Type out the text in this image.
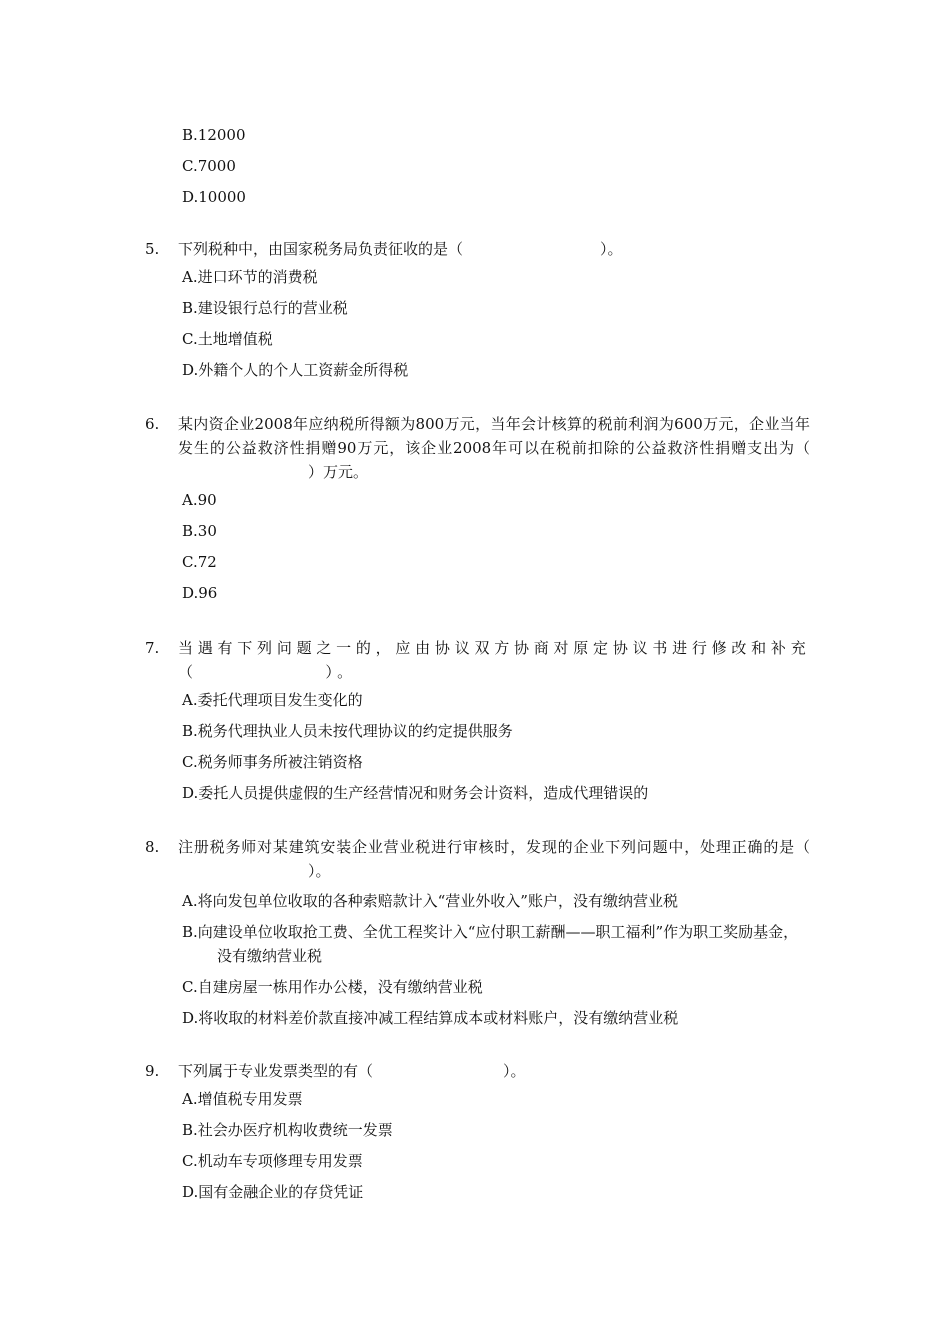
B.12000
C.7000
D.10000
5. 下列税种中，由国家税务局负责征收的是（	）。
A.进口环节的消费税
B.建设银行总行的营业税
C.土地增值税
D.外籍个人的个人工资薪金所得税
6. 某内资企业2008年应纳税所得额为800万元，当年会计核算的税前利润为600万元，企业当年发生的公益救济性捐赠90万元，该企业2008年可以在税前扣除的公益救济性捐赠支出为（）万元。
A.90
B.30
C.72
D.96
7. 当遇有下列问题之一的，应由协议双方协商对原定协议书进行修改和补充（	）。
A.委托代理项目发生变化的
B.税务代理执业人员未按代理协议的约定提供服务
C.税务师事务所被注销资格
D.委托人员提供虚假的生产经营情况和财务会计资料，造成代理错误的
8. 注册税务师对某建筑安装企业营业税进行审核时，发现的企业下列问题中，处理正确的是（）。
A.将向发包单位收取的各种索赔款计入“营业外收入”账户，没有缴纳营业税
B.向建设单位收取抢工费、全优工程奖计入“应付职工薪酬——职工福利”作为职工奖励基金，没有缴纳营业税
C.自建房屋一栋用作办公楼，没有缴纳营业税
D.将收取的材料差价款直接冲减工程结算成本或材料账户，没有缴纳营业税
9. 下列属于专业发票类型的有（	）。
A.增值税专用发票
B.社会办医疗机构收费统一发票
C.机动车专项修理专用发票
D.国有金融企业的存贷凭证
